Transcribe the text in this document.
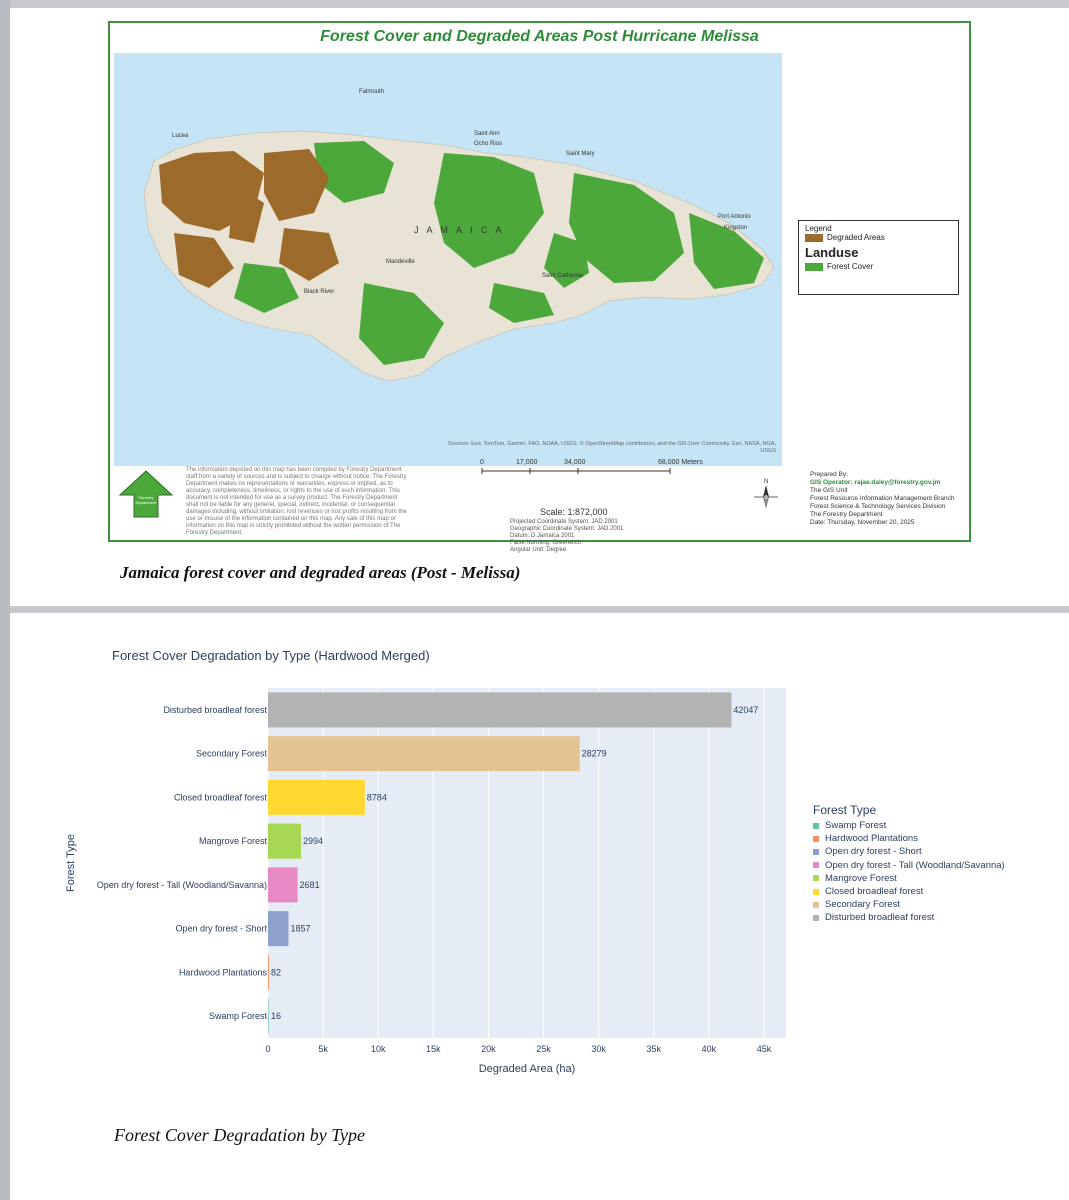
Forest Cover and Degraded Areas Post Hurricane Melissa
Falmouth
Lucea	Saint Ann
Ocho Rios
Saint Mary
Port Antonio
Kingston
Mandeville
Saint Catherine
Black River
J A M A I C A
Sources: Esri, TomTom, Garmin, FAO, NOAA, USGS, © OpenStreetMap contributors, and the GIS User Community. Esri, NASA, NGA, USGS
Legend
Degraded Areas
Landuse
Forest Cover
Forestry Department
The information depicted on this map has been compiled by Forestry Department staff from a variety of sources and is subject to change without notice. The Forestry Department makes no representations or warranties, express or implied, as to accuracy, completeness, timeliness, or rights to the use of such information. This document is not intended for use as a survey product. The Forestry Department shall not be liable for any general, special, indirect, incidental, or consequential damages including, without limitation, lost revenues or lost profits resulting from the use or misuse of the information contained on this map. Any sale of this map or information on this map is strictly prohibited without the written permission of The Forestry Department.
0	17,000	34,000	68,000 Meters
Scale: 1:872,000
Projected Coordinate System: JAD 2001
Geographic Coordinate System: JAD 2001
Datum: D Jamaica 2001
False Northing: Greenwich
Angular Unit: Degree
N
Prepared By:
GIS Operator: rajae.daley@forestry.gov.jm
The GIS Unit
Forest Resource Information Management Branch
Forest Science & Technology Services Division
The Forestry Department
Date: Thursday, November 20, 2025
Jamaica forest cover and degraded areas (Post - Melissa)
Forest Cover Degradation by Type (Hardwood Merged)
42047
28279
8784
2994
2681
1857
82
16
Disturbed broadleaf forest
Secondary Forest
Closed broadleaf forest
Mangrove Forest
Open dry forest - Tall (Woodland/Savanna)
Open dry forest - Short
Hardwood Plantations
Swamp Forest
0	5k	10k	15k	20k	25k	30k	35k	40k	45k
Degraded Area (ha)
Forest Type
Forest Type
Swamp Forest
Hardwood Plantations
Open dry forest - Short
Open dry forest - Tall (Woodland/Savanna)
Mangrove Forest
Closed broadleaf forest
Secondary Forest
Disturbed broadleaf forest
Forest Cover Degradation by Type
